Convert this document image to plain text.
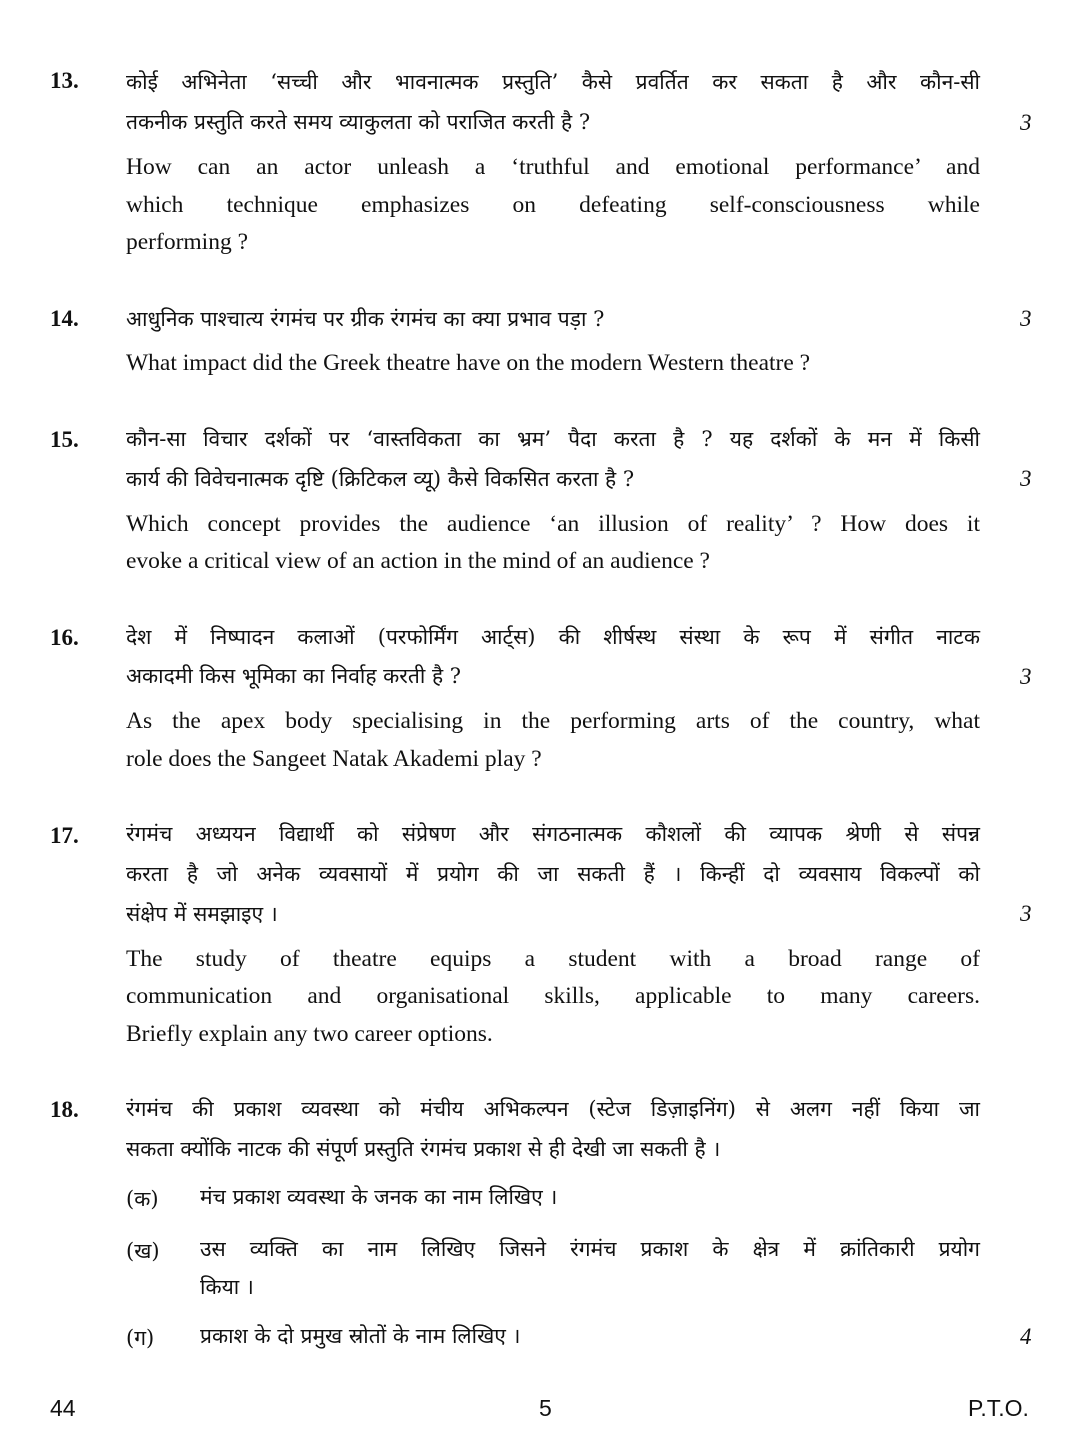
13. कोई अभिनेता ‘सच्ची और भावनात्मक प्रस्तुति’ कैसे प्रवर्तित कर सकता है और कौन-सी
तकनीक प्रस्तुति करते समय व्याकुलता को पराजित करती है ?	3
How can an actor unleash a ‘truthful and emotional performance’ and
which technique emphasizes on defeating self-consciousness while
performing ?
14. आधुनिक पाश्चात्य रंगमंच पर ग्रीक रंगमंच का क्या प्रभाव पड़ा ?	3
What impact did the Greek theatre have on the modern Western theatre ?
15. कौन-सा विचार दर्शकों पर ‘वास्तविकता का भ्रम’ पैदा करता है ? यह दर्शकों के मन में किसी
कार्य की विवेचनात्मक दृष्टि (क्रिटिकल व्यू) कैसे विकसित करता है ?	3
Which concept provides the audience ‘an illusion of reality’ ? How does it
evoke a critical view of an action in the mind of an audience ?
16. देश में निष्पादन कलाओं (परफोर्मिंग आर्ट्स) की शीर्षस्थ संस्था के रूप में संगीत नाटक
अकादमी किस भूमिका का निर्वाह करती है ?	3
As the apex body specialising in the performing arts of the country, what
role does the Sangeet Natak Akademi play ?
17. रंगमंच अध्ययन विद्यार्थी को संप्रेषण और संगठनात्मक कौशलों की व्यापक श्रेणी से संपन्न
करता है जो अनेक व्यवसायों में प्रयोग की जा सकती हैं । किन्हीं दो व्यवसाय विकल्पों को
संक्षेप में समझाइए ।	3
The study of theatre equips a student with a broad range of
communication and organisational skills, applicable to many careers.
Briefly explain any two career options.
18. रंगमंच की प्रकाश व्यवस्था को मंचीय अभिकल्पन (स्टेज डिज़ाइनिंग) से अलग नहीं किया जा
सकता क्योंकि नाटक की संपूर्ण प्रस्तुति रंगमंच प्रकाश से ही देखी जा सकती है ।
(क) मंच प्रकाश व्यवस्था के जनक का नाम लिखिए ।
(ख) उस व्यक्ति का नाम लिखिए जिसने रंगमंच प्रकाश के क्षेत्र में क्रांतिकारी प्रयोग
किया ।
(ग) प्रकाश के दो प्रमुख स्रोतों के नाम लिखिए ।	4
44	5	P.T.O.
